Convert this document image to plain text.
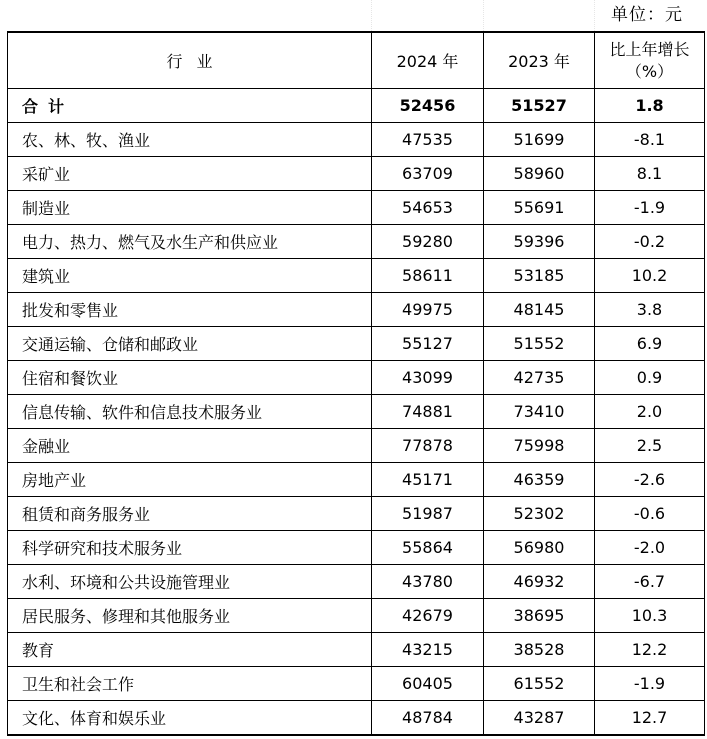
单位：元
行业	2024 年	2023 年	比上年增长
（%）

合计	52456	51527	1.8
农、林、牧、渔业	47535	51699	-8.1
采矿业	63709	58960	8.1
制造业	54653	55691	-1.9
电力、热力、燃气及水生产和供应业	59280	59396	-0.2
建筑业	58611	53185	10.2
批发和零售业	49975	48145	3.8
交通运输、仓储和邮政业	55127	51552	6.9
住宿和餐饮业	43099	42735	0.9
信息传输、软件和信息技术服务业	74881	73410	2.0
金融业	77878	75998	2.5
房地产业	45171	46359	-2.6
租赁和商务服务业	51987	52302	-0.6
科学研究和技术服务业	55864	56980	-2.0
水利、环境和公共设施管理业	43780	46932	-6.7
居民服务、修理和其他服务业	42679	38695	10.3
教育	43215	38528	12.2
卫生和社会工作	60405	61552	-1.9
文化、体育和娱乐业	48784	43287	12.7
